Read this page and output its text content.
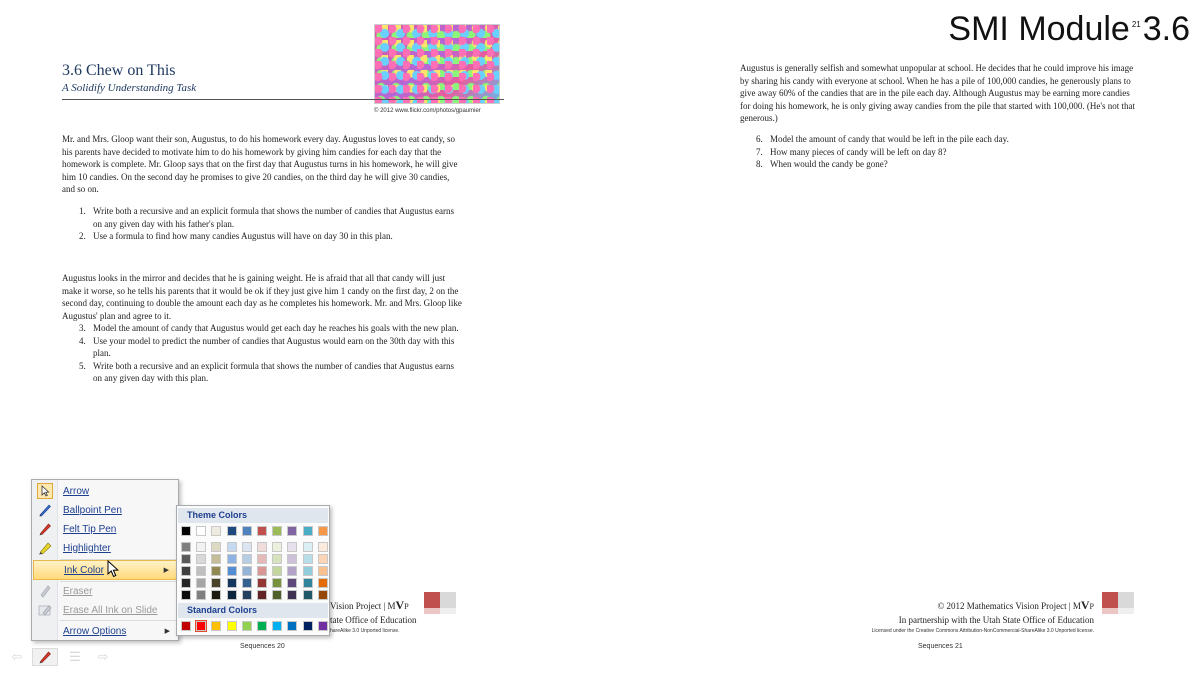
SMI Module $^{21}$3.6
© 2012 www.flickr.com/photos/gpaumier
3.6 Chew on This
A Solidify Understanding Task
Mr. and Mrs. Gloop want their son, Augustus, to do his homework every day. Augustus loves to eat candy, so his parents have decided to motivate him to do his homework by giving him candies for each day that the homework is complete. Mr. Gloop says that on the first day that Augustus turns in his homework, he will give him 10 candies. On the second day he promises to give 20 candies, on the third day he will give 30 candies, and so on.
1. Write both a recursive and an explicit formula that shows the number of candies that Augustus earns on any given day with his father's plan.
2. Use a formula to find how many candies Augustus will have on day 30 in this plan.
Augustus looks in the mirror and decides that he is gaining weight. He is afraid that all that candy will just make it worse, so he tells his parents that it would be ok if they just give him 1 candy on the first day, 2 on the second day, continuing to double the amount each day as he completes his homework. Mr. and Mrs. Gloop like Augustus' plan and agree to it.
3. Model the amount of candy that Augustus would get each day he reaches his goals with the new plan.
4. Use your model to predict the number of candies that Augustus would earn on the 30th day with this plan.
5. Write both a recursive and an explicit formula that shows the number of candies that Augustus earns on any given day with this plan.
Vision Project | MVP
tate Office of Education
hareAlike 3.0 Unported license.
Sequences 20
Augustus is generally selfish and somewhat unpopular at school. He decides that he could improve his image by sharing his candy with everyone at school. When he has a pile of 100,000 candies, he generously plans to give away 60% of the candies that are in the pile each day. Although Augustus may be earning more candies for doing his homework, he is only giving away candies from the pile that started with 100,000. (He's not that generous.)
6. Model the amount of candy that would be left in the pile each day.
7. How many pieces of candy will be left on day 8?
8. When would the candy be gone?
© 2012 Mathematics Vision Project | MVP
In partnership with the Utah State Office of Education
Licensed under the Creative Commons Attribution-NonCommercial-ShareAlike 3.0 Unported license.
Sequences 21
Arrow
Ballpoint Pen
Felt Tip Pen
Highlighter
Ink Color	▶
Eraser
Erase All Ink on Slide
Arrow Options	▶
Theme Colors
Standard Colors
⇦	☰ ⇨
